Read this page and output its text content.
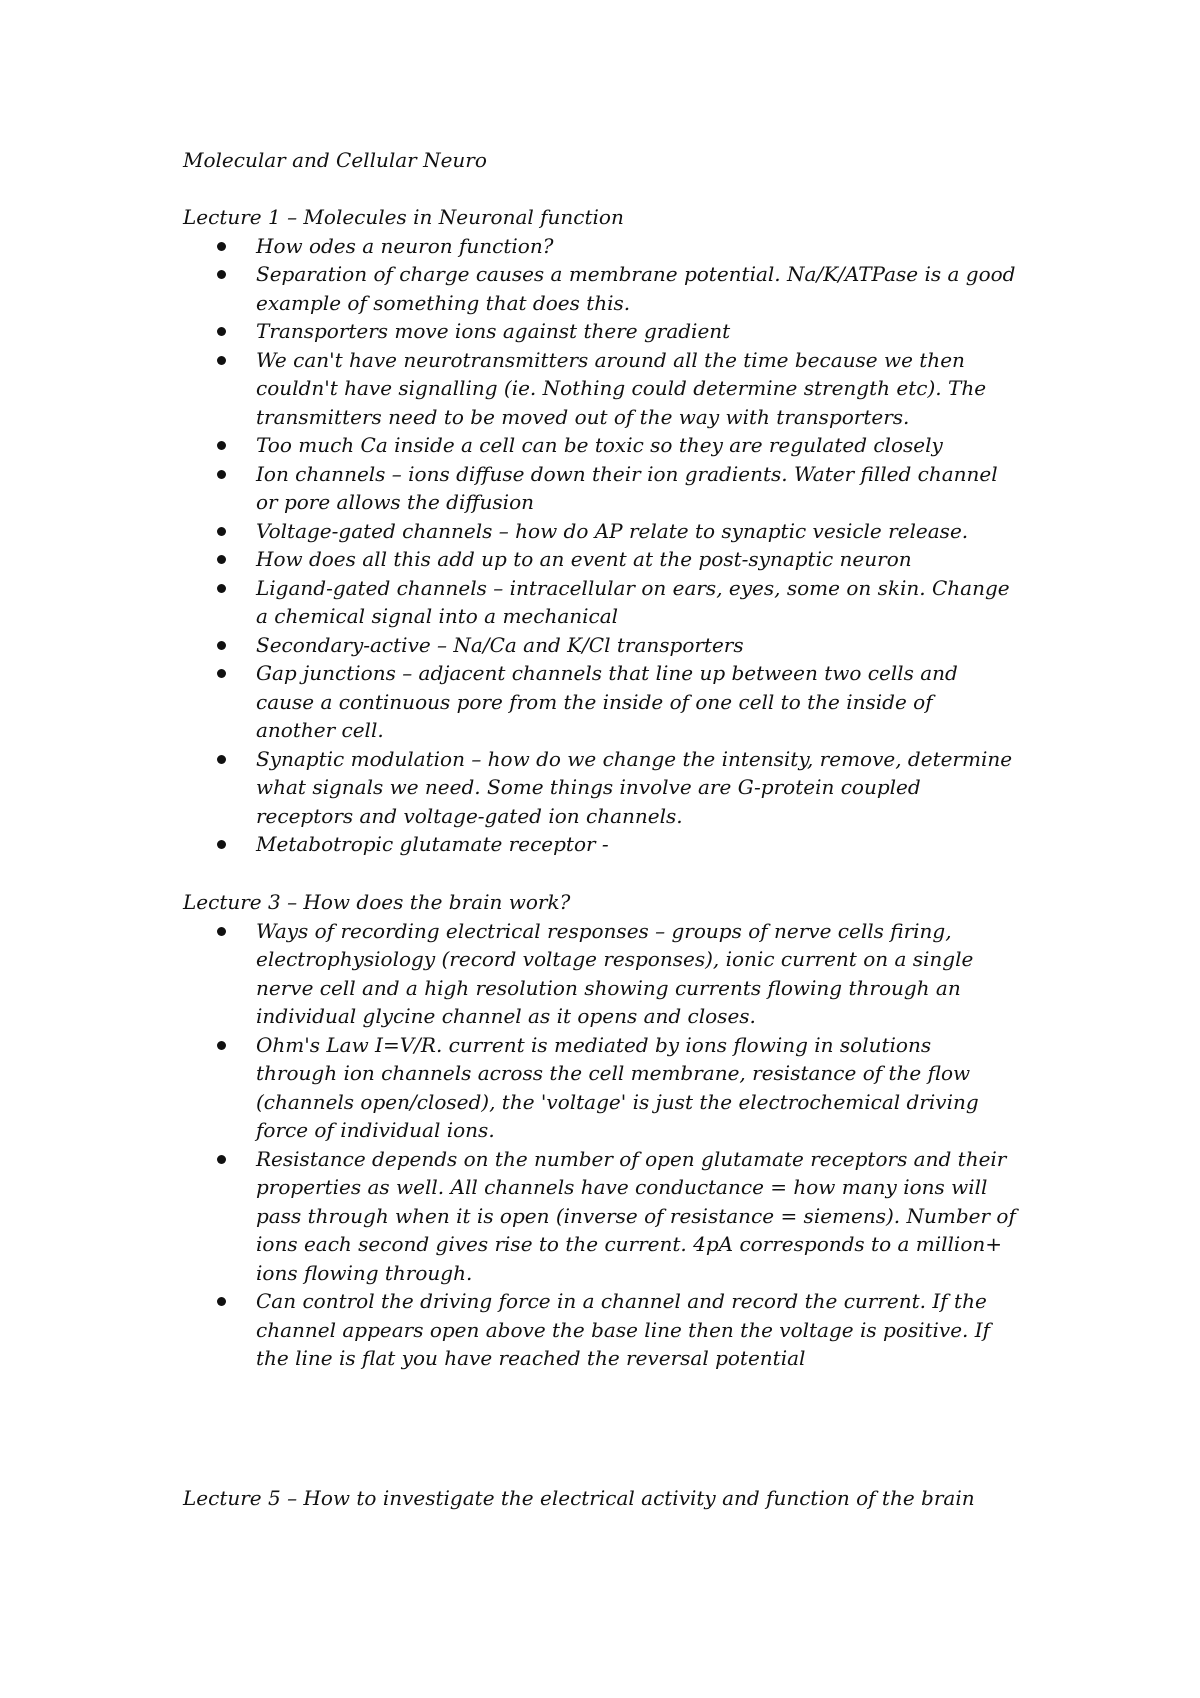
Molecular and Cellular Neuro
Lecture 1 – Molecules in Neuronal function
How odes a neuron function?
Separation of charge causes a membrane potential. Na/K/ATPase is a good example of something that does this.
Transporters move ions against there gradient
We can't have neurotransmitters around all the time because we then couldn't have signalling (ie. Nothing could determine strength etc). The transmitters need to be moved out of the way with transporters.
Too much Ca inside a cell can be toxic so they are regulated closely
Ion channels – ions diffuse down their ion gradients. Water filled channel or pore allows the diffusion
Voltage-gated channels – how do AP relate to synaptic vesicle release.
How does all this add up to an event at the post-synaptic neuron
Ligand-gated channels – intracellular on ears, eyes, some on skin. Change a chemical signal into a mechanical
Secondary-active – Na/Ca and K/Cl transporters
Gap junctions – adjacent channels that line up between two cells and cause a continuous pore from the inside of one cell to the inside of another cell.
Synaptic modulation – how do we change the intensity, remove, determine what signals we need. Some things involve are G-protein coupled receptors and voltage-gated ion channels.
Metabotropic glutamate receptor -
Lecture 3 – How does the brain work?
Ways of recording electrical responses – groups of nerve cells firing, electrophysiology (record voltage responses), ionic current on a single nerve cell and a high resolution showing currents flowing through an individual glycine channel as it opens and closes.
Ohm's Law I=V/R. current is mediated by ions flowing in solutions through ion channels across the cell membrane, resistance of the flow (channels open/closed), the 'voltage' is just the electrochemical driving force of individual ions.
Resistance depends on the number of open glutamate receptors and their properties as well. All channels have conductance = how many ions will pass through when it is open (inverse of resistance = siemens). Number of ions each second gives rise to the current. 4pA corresponds to a million+ ions flowing through.
Can control the driving force in a channel and record the current. If the channel appears open above the base line then the voltage is positive. If the line is flat you have reached the reversal potential
Lecture 5 – How to investigate the electrical activity and function of the brain
